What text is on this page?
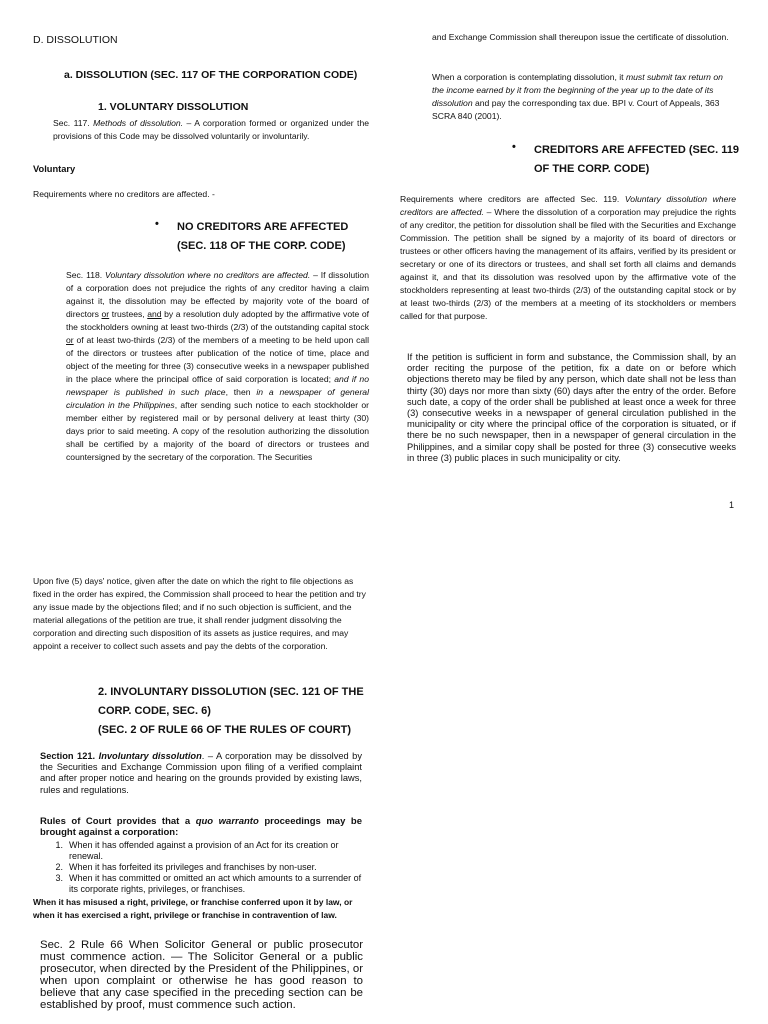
D. DISSOLUTION
a. DISSOLUTION (SEC. 117 OF THE CORPORATION CODE)
1. VOLUNTARY DISSOLUTION

Sec. 117. Methods of dissolution. – A corporation formed or organized under the provisions of this Code may be dissolved voluntarily or involuntarily.

Voluntary
Requirements where no creditors are affected. -
•	NO CREDITORS ARE AFFECTED (SEC. 118 OF THE CORP. CODE)

Sec. 118. Voluntary dissolution where no creditors are affected. – If dissolution of a corporation does not prejudice the rights of any creditor having a claim against it, the dissolution may be effected by majority vote of the board of directors or trustees, and by a resolution duly adopted by the affirmative vote of the stockholders owning at least two-thirds (2/3) of the outstanding capital stock or of at least two-thirds (2/3) of the members of a meeting to be held upon call of the directors or trustees after publication of the notice of time, place and object of the meeting for three (3) consecutive weeks in a newspaper published in the place where the principal office of said corporation is located; and if no newspaper is published in such place, then in a newspaper of general circulation in the Philippines, after sending such notice to each stockholder or member either by registered mail or by personal delivery at least thirty (30) days prior to said meeting. A copy of the resolution authorizing the dissolution shall be certified by a majority of the board of directors or trustees and countersigned by the secretary of the corporation. The Securities

and Exchange Commission shall thereupon issue the certificate of dissolution.

When a corporation is contemplating dissolution, it must submit tax return on the income earned by it from the beginning of the year up to the date of its dissolution and pay the corresponding tax due. BPI v. Court of Appeals, 363 SCRA 840 (2001).

•	CREDITORS ARE AFFECTED (SEC. 119 OF THE CORP. CODE)

Requirements where creditors are affected Sec. 119. Voluntary dissolution where creditors are affected. – Where the dissolution of a corporation may prejudice the rights of any creditor, the petition for dissolution shall be filed with the Securities and Exchange Commission. The petition shall be signed by a majority of its board of directors or trustees or other officers having the management of its affairs, verified by its president or secretary or one of its directors or trustees, and shall set forth all claims and demands against it, and that its dissolution was resolved upon by the affirmative vote of the stockholders representing at least two-thirds (2/3) of the outstanding capital stock or by at least two-thirds (2/3) of the members at a meeting of its stockholders or members called for that purpose.

If the petition is sufficient in form and substance, the Commission shall, by an order reciting the purpose of the petition, fix a date on or before which objections thereto may be filed by any person, which date shall not be less than thirty (30) days nor more than sixty (60) days after the entry of the order. Before such date, a copy of the order shall be published at least once a week for three (3) consecutive weeks in a newspaper of general circulation published in the municipality or city where the principal office of the corporation is situated, or if there be no such newspaper, then in a newspaper of general circulation in the Philippines, and a similar copy shall be posted for three (3) consecutive weeks in three (3) public places in such municipality or city.

1

Upon five (5) days' notice, given after the date on which the right to file objections as fixed in the order has expired, the Commission shall proceed to hear the petition and try any issue made by the objections filed; and if no such objection is sufficient, and the material allegations of the petition are true, it shall render judgment dissolving the corporation and directing such disposition of its assets as justice requires, and may appoint a receiver to collect such assets and pay the debts of the corporation.

2. INVOLUNTARY DISSOLUTION (SEC. 121 OF THE
CORP. CODE, SEC. 6)
(SEC. 2 OF RULE 66 OF THE RULES OF COURT)

Section 121. Involuntary dissolution. – A corporation may be dissolved by the Securities and Exchange Commission upon filing of a verified complaint and after proper notice and hearing on the grounds provided by existing laws, rules and regulations.

Rules of Court provides that a quo warranto proceedings may be brought against a corporation:

1. When it has offended against a provision of an Act for its creation or renewal.
2. When it has forfeited its privileges and franchises by non-user.
3. When it has committed or omitted an act which amounts to a surrender of its corporate rights, privileges, or franchises.

When it has misused a right, privilege, or franchise conferred upon it by law, or when it has exercised a right, privilege or franchise in contravention of law.

Sec. 2 Rule 66 When Solicitor General or public prosecutor must commence action. — The Solicitor General or a public prosecutor, when directed by the President of the Philippines, or when upon complaint or otherwise he has good reason to believe that any case specified in the preceding section can be established by proof, must commence such action.
